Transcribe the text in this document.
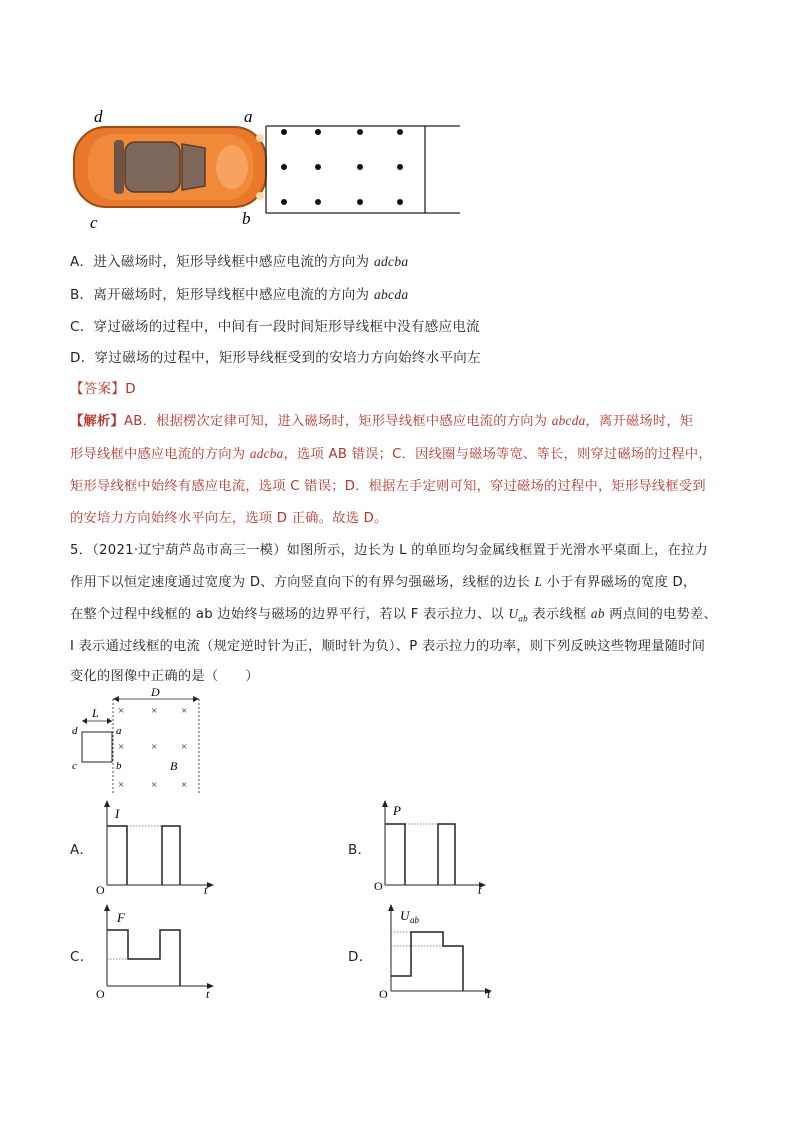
d	a
c	b
A．进入磁场时，矩形导线框中感应电流的方向为 adcba
B．离开磁场时，矩形导线框中感应电流的方向为 abcda
C．穿过磁场的过程中，中间有一段时间矩形导线框中没有感应电流
D．穿过磁场的过程中，矩形导线框受到的安培力方向始终水平向左
【答案】D
【解析】AB．根据楞次定律可知，进入磁场时，矩形导线框中感应电流的方向为 abcda，离开磁场时，矩
形导线框中感应电流的方向为 adcba，选项 AB 错误；C．因线圈与磁场等宽、等长，则穿过磁场的过程中，
矩形导线框中始终有感应电流，选项 C 错误；D．根据左手定则可知，穿过磁场的过程中，矩形导线框受到
的安培力方向始终水平向左，选项 D 正确。故选 D。
5．（2021·辽宁葫芦岛市高三一模）如图所示，边长为 L 的单匝均匀金属线框置于光滑水平桌面上，在拉力
作用下以恒定速度通过宽度为 D、方向竖直向下的有界匀强磁场，线框的边长 L 小于有界磁场的宽度 D，
在整个过程中线框的 ab 边始终与磁场的边界平行，若以 F 表示拉力、以 $U_{ab}$ 表示线框 ab 两点间的电势差、
I 表示通过线框的电流（规定逆时针为正，顺时针为负）、P 表示拉力的功率，则下列反映这些物理量随时间
变化的图像中正确的是（　　）
D
L
d	a
c	b
× × ×
× × ×
× × ×
B
A．
I
O	t
B．
P
O	t
C．
F
O	t
D．
U ab
O	t
